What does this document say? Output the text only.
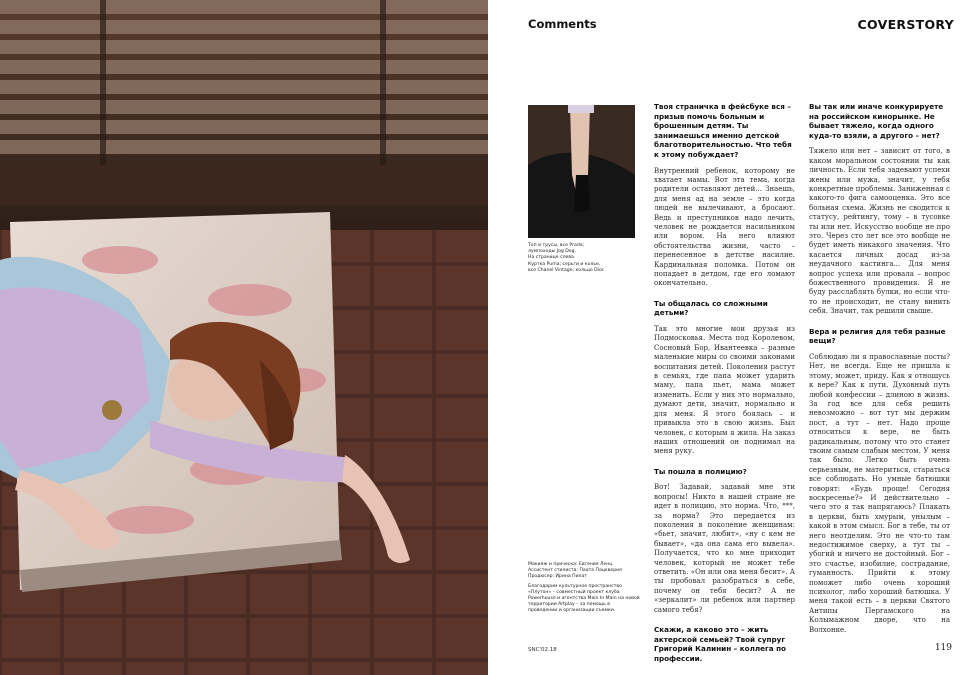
Comments	COVERSTORY
Топ и трусы, все Prada;
лумпоходы Jog Dog.
На странице слева.
Куртка Puma; серьги и колье,
все Chanel Vintage; кольцо Dior.
Макияж и прическа: Евгения Ленц
Ассистент стилиста: Паата Пацкверия

Продюсер: Ирина Пилат

Благодарим культурное пространство «Плутон» – совместный проект клуба Powerhouse и агентства Main In Main на новой территории Artplay – за помощь в проведении и организации съемки.

Твоя страничка в фейсбуке вся – призыв помочь больным и брошенным детям. Ты занимаешься именно детской благотворительностью. Что тебя к этому побуждает?

Внутренний ребенок, которому не хватает мамы. Вот эта тема, когда родители оставляют детей... Знаешь, для меня ад на земле – это когда людей не вылечивают, а бросают. Ведь и преступников надо лечить, человек не рождается насильником или вором. На него влияют обстоятельства жизни, часто – перенесенное в детстве насилие. Кардинальная поломка. Потом он попадает в детдом, где его ломают окончательно.

Ты общалась со сложными детьми?

Так это многие мои друзья из Подмосковья. Места под Королевом, Сосновый Бор, Ивантеевка – разные маленькие миры со своими законами воспитания детей. Поколения растут в семьях, где папа может ударить маму, папа пьет, мама может изменить. Если у них это нормально, думают дети, значит, нормально и для меня. Я этого боялась – и привыкла это в свою жизнь. Был человек, с которым я жила. На заказ наших отношений он поднимал на меня руку.

Ты пошла в полицию?

Вот! Задавай, задавай мне эти вопросы! Никто в нашей стране не идет в полицию, это норма. Что, ***, за норма? Это передается из поколения в поколение женщинам: «бьет, значит, любит», «ну с кем не бывает», «да она сама его вывела». Получается, что ко мне приходит человек, который не может тебе ответить. «Он или она меня бесит». А ты пробовал разобраться в себе, почему он тебя бесит? А не «зеркалит» ли ребенок или партнер самого тебя?

Скажи, а каково это – жить актерской семьей? Твой супруг Григорий Калинин – коллега по профессии.

Вы так или иначе конкурируете на российском кинорынке. Не бывает тяжело, когда одного куда-то взяли, а другого – нет?

Тяжело или нет – зависит от того, в каком моральном состоянии ты как личность. Если тебя задевают успехи жены или мужа, значит, у тебя конкретные проблемы. Заниженная с какого-то фига самооценка. Это все больная схема. Жизнь не сводится к статусу, рейтингу, тому – в тусовке ты или нет. Искусство вообще не про это. Через сто лет все это вообще не будет иметь никакого значения. Что касается личных досад из-за неудачного кастинга... Для меня вопрос успеха или провала – вопрос божественного провидения. Я не буду расслаблять булки, но если что-то не происходит, не стану винить себя. Значит, так решили свыше.

Вера и религия для тебя разные вещи?

Соблюдаю ли я православные посты? Нет, не всегда. Еще не пришла к этому, может, приду. Как я отношусь к вере? Как к пути. Духовный путь любой конфессии – длиною в жизнь. За год все для себя решить невозможно – вот тут мы держим пост, а тут – нет. Надо проще относиться к вере, не быть радикальным, потому что это станет твоим самым слабым местом. У меня так было. Легко быть очень серьезным, не материться, стараться все соблюдать. Но умные батюшки говорят: «Будь проще! Сегодня воскресенье?» И действительно – чего это я так напрягаюсь? Плакать в церкви, быть хмурым, унылым – какой в этом смысл. Бог в тебе, ты от него неотделим. Это не что-то там недостижимое сверху, а тут ты – убогий и ничего не достойный. Бог – это счастье, изобилие, сострадание, гуманность. Прийти к этому поможет либо очень хороший психолог, либо хороший батюшка. У меня такой есть – в церкви Святого Антипы Пергамского на Колымажном дворе, что на Волхонке.

SNC'02.18	119
